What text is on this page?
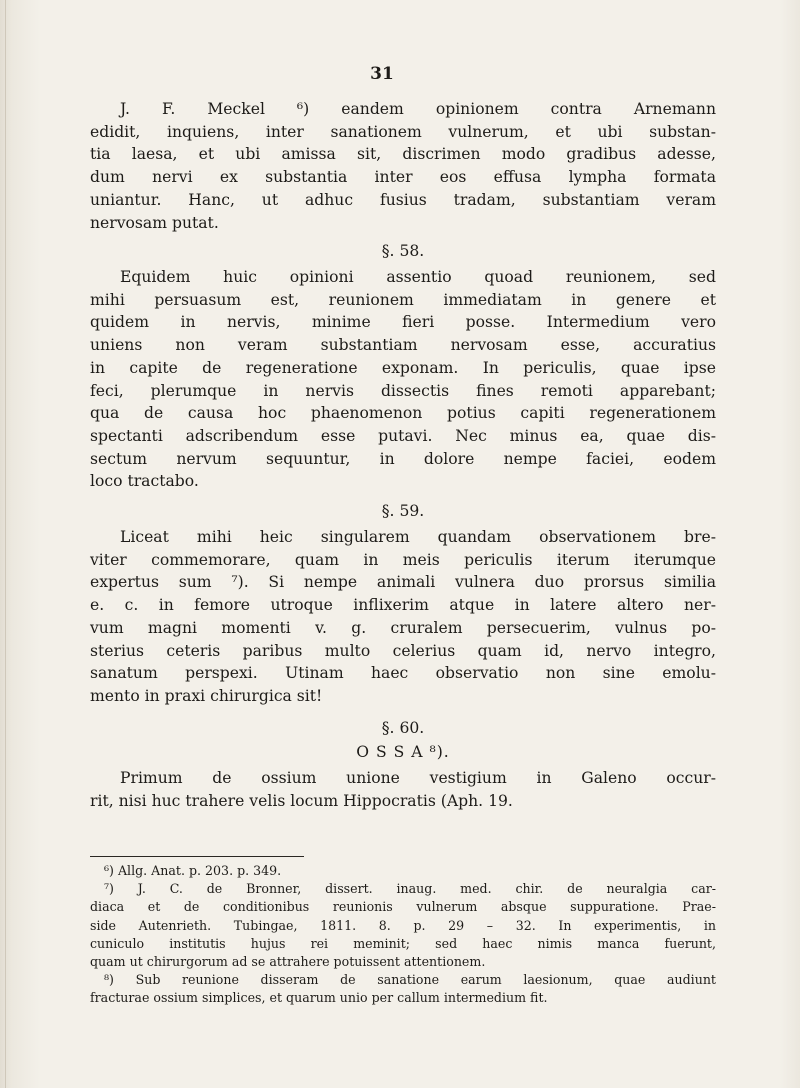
31
J. F. Meckel ⁶) eandem opinionem contra Arnemann
edidit, inquiens, inter sanationem vulnerum, et ubi substan-
tia laesa, et ubi amissa sit, discrimen modo gradibus adesse,
dum nervi ex substantia inter eos effusa lympha formata
uniantur. Hanc, ut adhuc fusius tradam, substantiam veram
nervosam putat.
§. 58.
Equidem huic opinioni assentio quoad reunionem, sed
mihi persuasum est, reunionem immediatam in genere et
quidem in nervis, minime fieri posse. Intermedium vero
uniens non veram substantiam nervosam esse, accuratius
in capite de regeneratione exponam. In periculis, quae ipse
feci, plerumque in nervis dissectis fines remoti apparebant;
qua de causa hoc phaenomenon potius capiti regenerationem
spectanti adscribendum esse putavi. Nec minus ea, quae dis-
sectum nervum sequuntur, in dolore nempe faciei, eodem
loco tractabo.
§. 59.
Liceat mihi heic singularem quandam observationem bre-
viter commemorare, quam in meis periculis iterum iterumque
expertus sum ⁷). Si nempe animali vulnera duo prorsus similia
e. c. in femore utroque inflixerim atque in latere altero ner-
vum magni momenti v. g. cruralem persecuerim, vulnus po-
sterius ceteris paribus multo celerius quam id, nervo integro,
sanatum perspexi. Utinam haec observatio non sine emolu-
mento in praxi chirurgica sit!
§. 60.
O S S A ⁸).
Primum de ossium unione vestigium in Galeno occur-
rit, nisi huc trahere velis locum Hippocratis (Aph. 19.
⁶) Allg. Anat. p. 203. p. 349.
⁷) J. C. de Bronner, dissert. inaug. med. chir. de neuralgia car-
diaca et de conditionibus reunionis vulnerum absque suppuratione. Prae-
side Autenrieth. Tubingae, 1811. 8. p. 29 – 32. In experimentis, in
cuniculo institutis hujus rei meminit; sed haec nimis manca fuerunt,
quam ut chirurgorum ad se attrahere potuissent attentionem.
⁸) Sub reunione disseram de sanatione earum laesionum, quae audiunt
fracturae ossium simplices, et quarum unio per callum intermedium fit.
